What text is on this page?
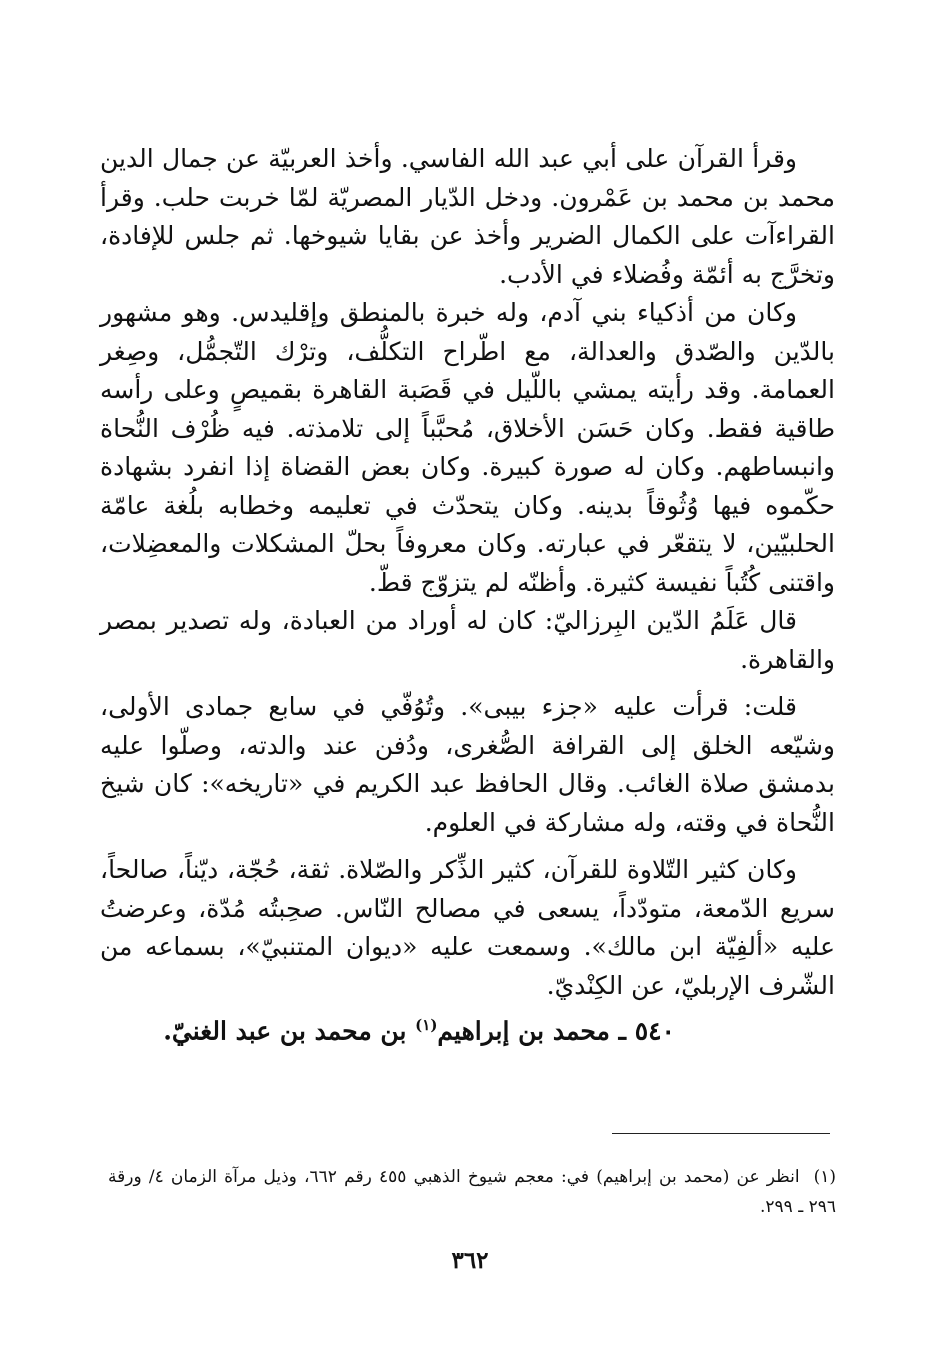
وقرأ القرآن على أبي عبد الله الفاسي. وأخذ العربيّة عن جمال الدين محمد بن محمد بن عَمْرون. ودخل الدّيار المصريّة لمّا خربت حلب. وقرأ القراءآت على الكمال الضرير وأخذ عن بقايا شيوخها. ثم جلس للإفادة، وتخرَّج به أئمّة وفُضلاء في الأدب.

وكان من أذكياء بني آدم، وله خبرة بالمنطق وإقليدس. وهو مشهور بالدّين والصّدق والعدالة، مع اطّراح التكلُّف، وترْك التّجمُّل، وصِغر العمامة. وقد رأيته يمشي باللّيل في قَصَبة القاهرة بقميصٍ وعلى رأسه طاقية فقط. وكان حَسَن الأخلاق، مُحبَّباً إلى تلامذته. فيه ظُرْف النُّحاة وانبساطهم. وكان له صورة كبيرة. وكان بعض القضاة إذا انفرد بشهادة حكّموه فيها وُثُوقاً بدينه. وكان يتحدّث في تعليمه وخطابه بلُغة عامّة الحلبيّين، لا يتقعّر في عبارته. وكان معروفاً بحلّ المشكلات والمعضِلات، واقتنى كُتُباً نفيسة كثيرة. وأظنّه لم يتزوّج قطّ.

قال عَلَمُ الدّين البِرزاليّ: كان له أوراد من العبادة، وله تصدير بمصر والقاهرة.

قلت: قرأت عليه «جزء بيبى». وتُوُفّي في سابع جمادى الأولى، وشيّعه الخلق إلى القرافة الصُّغرى، ودُفن عند والدته، وصلّوا عليه بدمشق صلاة الغائب. وقال الحافظ عبد الكريم في «تاريخه»: كان شيخ النُّحاة في وقته، وله مشاركة في العلوم.

وكان كثير التّلاوة للقرآن، كثير الذِّكر والصّلاة. ثقة، حُجّة، ديّناً، صالحاً، سريع الدّمعة، متودّداً، يسعى في مصالح النّاس. صحِبتُه مُدّة، وعرضتُ عليه «ألفِيّة ابن مالك». وسمعت عليه «ديوان المتنبيّ»، بسماعه من الشّرف الإربليّ، عن الكِنْديّ.

٥٤٠ ـ محمد بن إبراهيم$^{(١)}$ بن محمد بن عبد الغنيّ.

(١)انظر عن (محمد بن إبراهيم) في: معجم شيوخ الذهبي ٤٥٥ رقم ٦٦٢، وذيل مرآة الزمان ٤/ ورقة ٢٩٦ ـ ٢٩٩.
٣٦٢
